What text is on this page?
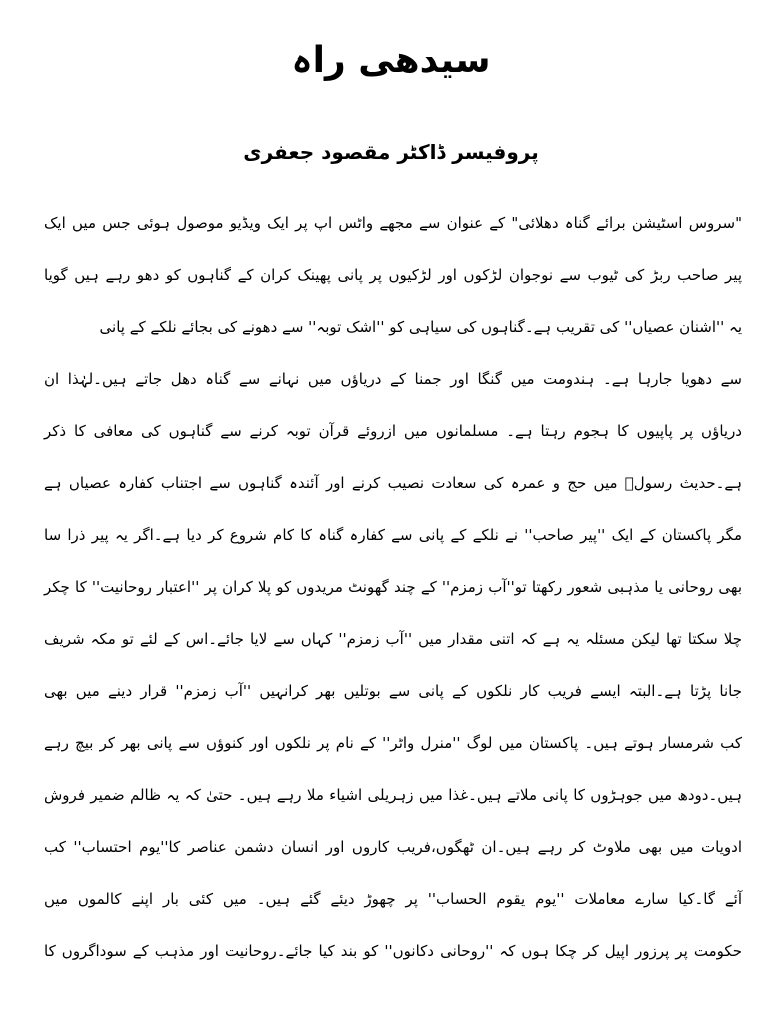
سیدھی راہ
پروفیسر ڈاکٹر مقصود جعفری
"سروس اسٹیشن برائے گناہ دھلائی" کے عنوان سے مجھے واٹس اپ پر ایک ویڈیو موصول ہوئی جس میں ایک
پیر صاحب ربڑ کی ٹیوب سے نوجوان لڑکوں اور لڑکیوں پر پانی پھینک کران کے گناہوں کو دھو رہے ہیں گویا
یہ ''اشنان عصیاں'' کی تقریب ہے۔گناہوں کی سیاہی کو ''اشک توبہ'' سے دھونے کی بجائے نلکے کے پانی
سے دھویا جارہا ہے۔ ہندومت میں گنگا اور جمنا کے دریاؤں میں نہانے سے گناہ دھل جاتے ہیں۔لہٰذا ان
دریاؤں پر پاپیوں کا ہجوم رہتا ہے۔ مسلمانوں میں ازروئے قرآن توبہ کرنے سے گناہوں کی معافی کا ذکر
ہے۔حدیث رسولؐ میں حج و عمرہ کی سعادت نصیب کرنے اور آئندہ گناہوں سے اجتناب کفارہ عصیاں ہے
مگر پاکستان کے ایک ''پیر صاحب'' نے نلکے کے پانی سے کفارہ گناہ کا کام شروع کر دیا ہے۔اگر یہ پیر ذرا سا
بھی روحانی یا مذہبی شعور رکھتا تو''آب زمزم'' کے چند گھونٹ مریدوں کو پلا کران پر ''اعتبار روحانیت'' کا چکر
چلا سکتا تھا لیکن مسئلہ یہ ہے کہ اتنی مقدار میں ''آب زمزم'' کہاں سے لایا جائے۔اس کے لئے تو مکہ شریف
جانا پڑتا ہے۔البتہ ایسے فریب کار نلکوں کے پانی سے بوتلیں بھر کرانہیں ''آب زمزم'' قرار دینے میں بھی
کب شرمسار ہوتے ہیں۔ پاکستان میں لوگ ''منرل واٹر'' کے نام پر نلکوں اور کنوؤں سے پانی بھر کر بیچ رہے
ہیں۔دودھ میں جوہڑوں کا پانی ملاتے ہیں۔غذا میں زہریلی اشیاء ملا رہے ہیں۔ حتیٰ کہ یہ ظالم ضمیر فروش
ادویات میں بھی ملاوٹ کر رہے ہیں۔ان ٹھگوں،فریب کاروں اور انسان دشمن عناصر کا''یوم احتساب'' کب
آئے گا۔کیا سارے معاملات ''یوم یقوم الحساب'' پر چھوڑ دیئے گئے ہیں۔ میں کئی بار اپنے کالموں میں
حکومت پر پرزور اپیل کر چکا ہوں کہ ''روحانی دکانوں'' کو بند کیا جائے۔روحانیت اور مذہب کے سوداگروں کا
